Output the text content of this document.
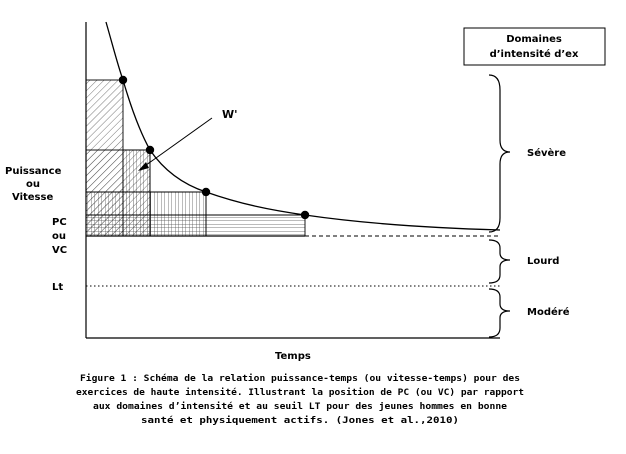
Domaines
d’intensité d’ex
W'
Puissance
ou
Vitesse
PC
ou
VC
Lt
Temps
Sévère
Lourd
Modéré
Figure 1 : Schéma de la relation puissance-temps (ou vitesse-temps) pour des
exercices de haute intensité. Illustrant la position de PC (ou VC) par rapport
aux domaines d’intensité et au seuil LT pour des jeunes hommes en bonne
santé et physiquement actifs. (Jones et al.,2010)
